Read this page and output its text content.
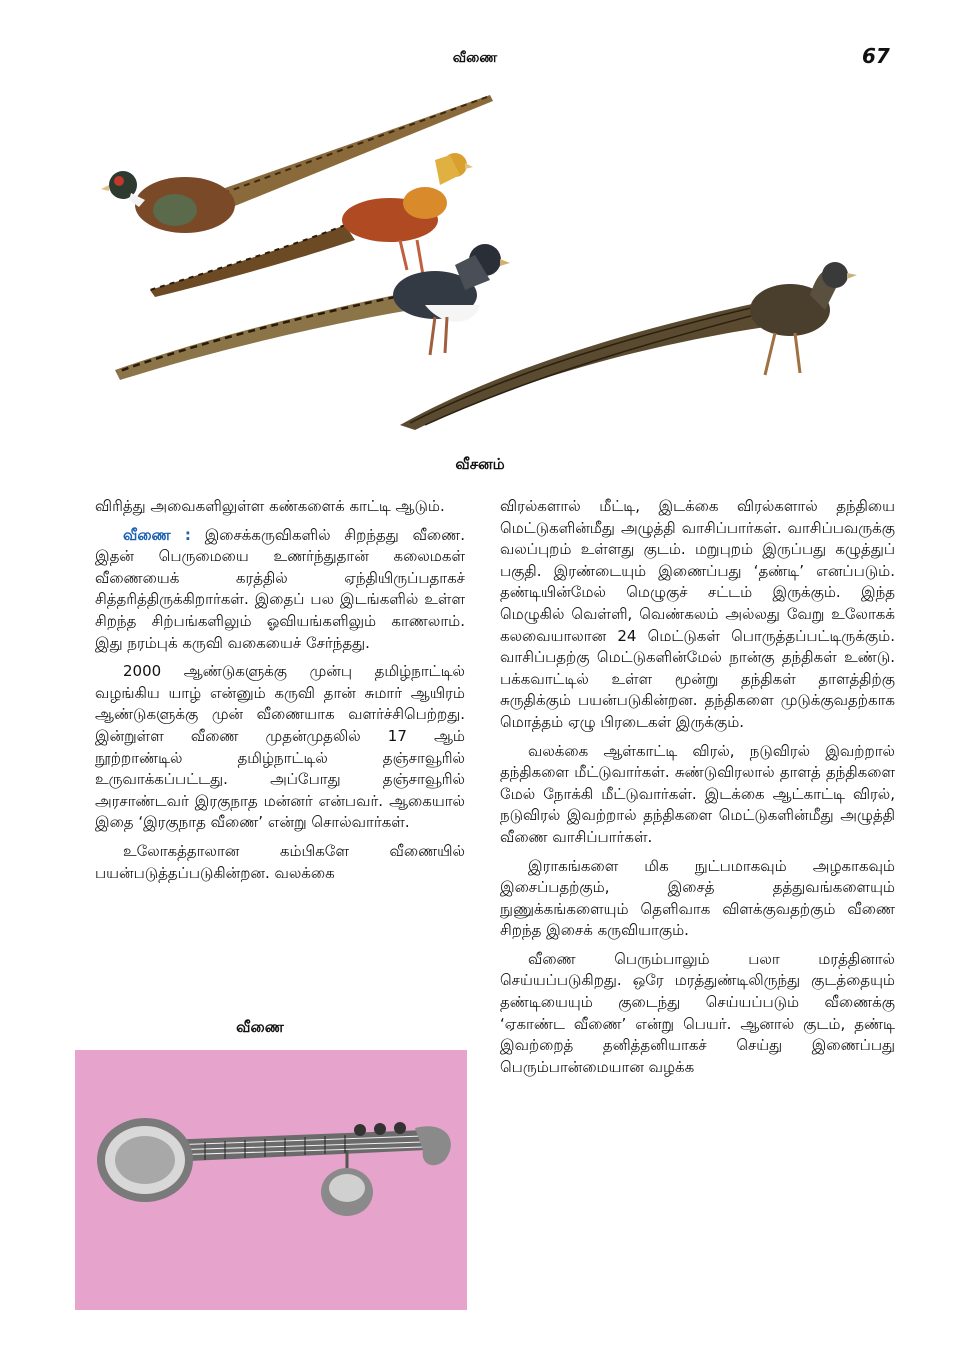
வீணை	67
வீசனம்

விரித்து அவைகளிலுள்ள கண்களைக் காட்டி ஆடும்.

வீணை : இசைக்கருவிகளில் சிறந்தது வீணை. இதன் பெருமையை உணர்ந்துதான் கலைமகள் வீணையைக் கரத்தில் ஏந்தியிருப்பதாகச் சித்தரித்திருக்கிறார்கள். இதைப் பல இடங்களில் உள்ள சிறந்த சிற்பங்களிலும் ஓவியங்களிலும் காணலாம். இது நரம்புக் கருவி வகையைச் சேர்ந்தது.

2000 ஆண்டுகளுக்கு முன்பு தமிழ்நாட்டில் வழங்கிய யாழ் என்னும் கருவி தான் சுமார் ஆயிரம் ஆண்டுகளுக்கு முன் வீணையாக வளர்ச்சிபெற்றது. இன்றுள்ள வீணை முதன்முதலில் 17 ஆம் நூற்றாண்டில் தமிழ்நாட்டில் தஞ்சாவூரில் உருவாக்கப்பட்டது. அப்போது தஞ்சாவூரில் அரசாண்டவர் இரகுநாத மன்னர் என்பவர். ஆகையால் இதை ‘இரகுநாத வீணை’ என்று சொல்வார்கள்.

உலோகத்தாலான கம்பிகளே வீணையில் பயன்படுத்தப்படுகின்றன. வலக்கை

வீணை

விரல்களால் மீட்டி, இடக்கை விரல்களால் தந்தியை மெட்டுகளின்மீது அழுத்தி வாசிப்பார்கள். வாசிப்பவருக்கு வலப்புறம் உள்ளது குடம். மறுபுறம் இருப்பது கழுத்துப் பகுதி. இரண்டையும் இணைப்பது ‘தண்டி’ எனப்படும். தண்டியின்மேல் மெழுகுச் சட்டம் இருக்கும். இந்த மெழுகில் வெள்ளி, வெண்கலம் அல்லது வேறு உலோகக் கலவையாலான 24 மெட்டுகள் பொருத்தப்பட்டிருக்கும். வாசிப்பதற்கு மெட்டுகளின்மேல் நான்கு தந்திகள் உண்டு. பக்கவாட்டில் உள்ள மூன்று தந்திகள் தாளத்திற்கு சுருதிக்கும் பயன்படுகின்றன. தந்திகளை முடுக்குவதற்காக மொத்தம் ஏழு பிரடைகள் இருக்கும்.

வலக்கை ஆள்காட்டி விரல், நடுவிரல் இவற்றால் தந்திகளை மீட்டுவார்கள். சுண்டுவிரலால் தாளத் தந்திகளை மேல் நோக்கி மீட்டுவார்கள். இடக்கை ஆட்காட்டி விரல், நடுவிரல் இவற்றால் தந்திகளை மெட்டுகளின்மீது அழுத்தி வீணை வாசிப்பார்கள்.

இராகங்களை மிக நுட்பமாகவும் அழகாகவும் இசைப்பதற்கும், இசைத் தத்துவங்களையும் நுணுக்கங்களையும் தெளிவாக விளக்குவதற்கும் வீணை சிறந்த இசைக் கருவியாகும்.

வீணை பெரும்பாலும் பலா மரத்தினால் செய்யப்படுகிறது. ஒரே மரத்துண்டிலிருந்து குடத்தையும் தண்டியையும் குடைந்து செய்யப்படும் வீணைக்கு ‘ஏகாண்ட வீணை’ என்று பெயர். ஆனால் குடம், தண்டி இவற்றைத் தனித்தனியாகச் செய்து இணைப்பது பெரும்பான்மையான வழக்க
